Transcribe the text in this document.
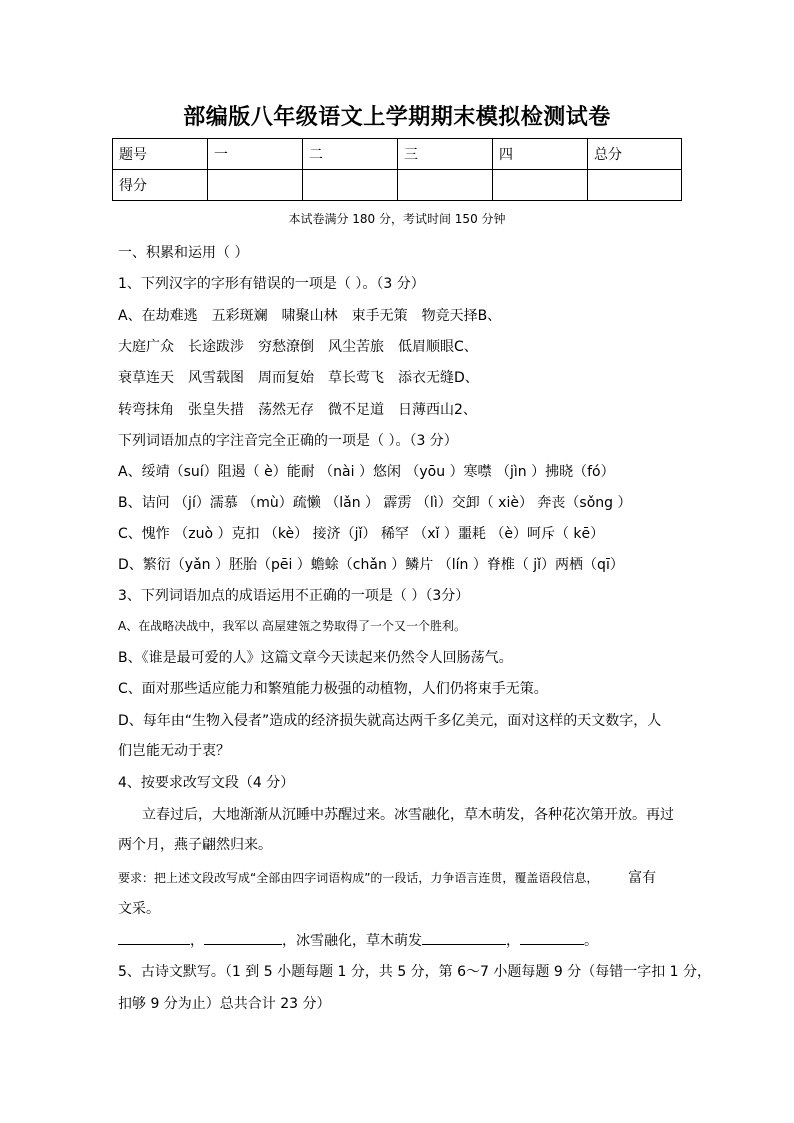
部编版八年级语文上学期期末模拟检测试卷
题号	一	二	三	四	总分
得分					
本试卷满分 180 分，考试时间 150 分钟
一、积累和运用（ ）
1、下列汉字的字形有错误的一项是（ ）。（3 分）
A、在劫难逃　五彩斑斓　啸聚山林　束手无策　物竞天择B、
大庭广众　长途跋涉　穷愁潦倒　风尘苦旅　低眉顺眼C、
衰草连天　风雪载图　周而复始　草长莺飞　添衣无缝D、
转弯抹角　张皇失措　荡然无存　微不足道　日薄西山2、
下列词语加点的字注音完全正确的一项是（ ）。（3 分）
A、绥靖（suí）阻遏（ è）能耐 （nài ）悠闲 （yōu ）寒噤 （jìn ）拂晓（fó）
B、诘问 （jí）濡慕 （mù）疏懒 （lǎn ） 霹雳 （lì）交卸（ xiè） 奔丧（sǒng ）
C、愧怍 （zuò ）克扣 （kè） 接济（jǐ） 稀罕 （xǐ ）噩耗 （è）呵斥（ kē）
D、繁衍（yǎn ）胚胎（pēi ）蟾蜍（chǎn ）鳞片 （lín ）脊椎（ jǐ）两栖（qī）
3、下列词语加点的成语运用不正确的一项是（ ）（3分）
A、在战略决战中，我军以 高屋建瓴之势取得了一个又一个胜利。
B、《谁是最可爱的人》这篇文章今天读起来仍然令人回肠荡气。
C、面对那些适应能力和繁殖能力极强的动植物，人们仍将束手无策。
D、每年由“生物入侵者”造成的经济损失就高达两千多亿美元，面对这样的天文数字，人
们岂能无动于衷？
4、按要求改写文段（4 分）
立春过后，大地渐渐从沉睡中苏醒过来。冰雪融化，草木萌发，各种花次第开放。再过
两个月，燕子翩然归来。
要求：把上述文段改写成“全部由四字词语构成”的一段话，力争语言连贯，覆盖语段信息， 富有
文采。
，	，冰雪融化，草木萌发	，	。
5、古诗文默写。（1 到 5 小题每题 1 分，共 5 分，第 6～7 小题每题 9 分（每错一字扣 1 分，
扣够 9 分为止）总共合计 23 分）
